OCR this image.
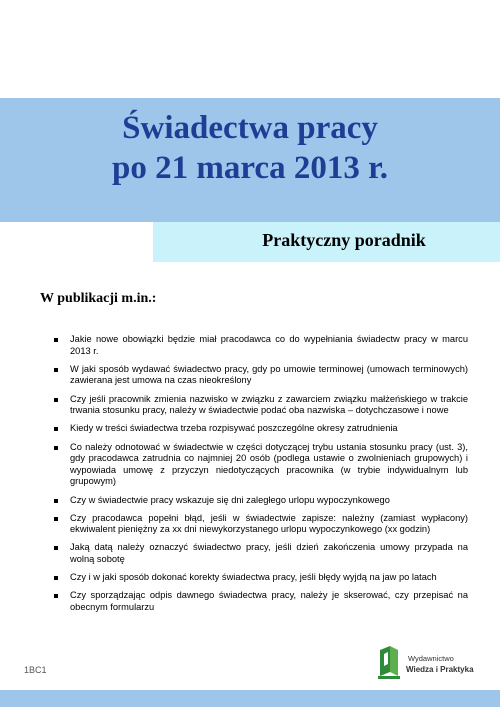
Świadectwa pracy
po 21 marca 2013 r.
Praktyczny poradnik
W publikacji m.in.:
Jakie nowe obowiązki będzie miał pracodawca co do wypełniania świadectw pracy w marcu 2013 r.
W jaki sposób wydawać świadectwo pracy, gdy po umowie terminowej (umowach terminowych) zawierana jest umowa na czas nieokreślony
Czy jeśli pracownik zmienia nazwisko w związku z zawarciem związku małżeńskiego w trakcie trwania stosunku pracy, należy w świadectwie podać oba nazwiska – dotychczasowe i nowe
Kiedy w treści świadectwa trzeba rozpisywać poszczególne okresy zatrudnienia
Co należy odnotować w świadectwie w części dotyczącej trybu ustania stosunku pracy (ust. 3), gdy pracodawca zatrudnia co najmniej 20 osób (podlega ustawie o zwolnieniach grupowych) i wypowiada umowę z przyczyn niedotyczących pracownika (w trybie indywidualnym lub grupowym)
Czy w świadectwie pracy wskazuje się dni zaległego urlopu wypoczynkowego
Czy pracodawca popełni błąd, jeśli w świadectwie zapisze: należny (zamiast wypłacony) ekwiwalent pieniężny za xx dni niewykorzystanego urlopu wypoczynkowego (xx godzin)
Jaką datą należy oznaczyć świadectwo pracy, jeśli dzień zakończenia umowy przypada na wolną sobotę
Czy i w jaki sposób dokonać korekty świadectwa pracy, jeśli błędy wyjdą na jaw po latach
Czy sporządzając odpis dawnego świadectwa pracy, należy je skserować, czy przepisać na obecnym formularzu
1BC1
Wydawnictwo
Wiedza i Praktyka
